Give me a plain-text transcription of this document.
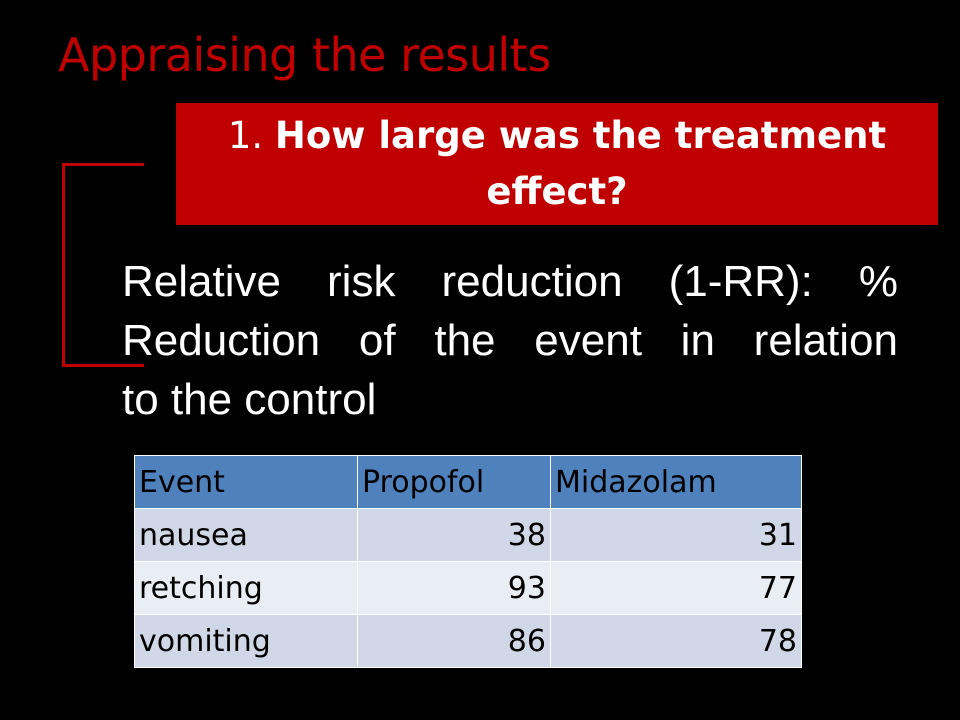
Appraising the results
1. How large was the treatment effect?
Relative risk reduction (1-RR): %
Reduction of the event in relation
to the control
Event	Propofol	Midazolam
nausea	38	31
retching	93	77
vomiting	86	78
